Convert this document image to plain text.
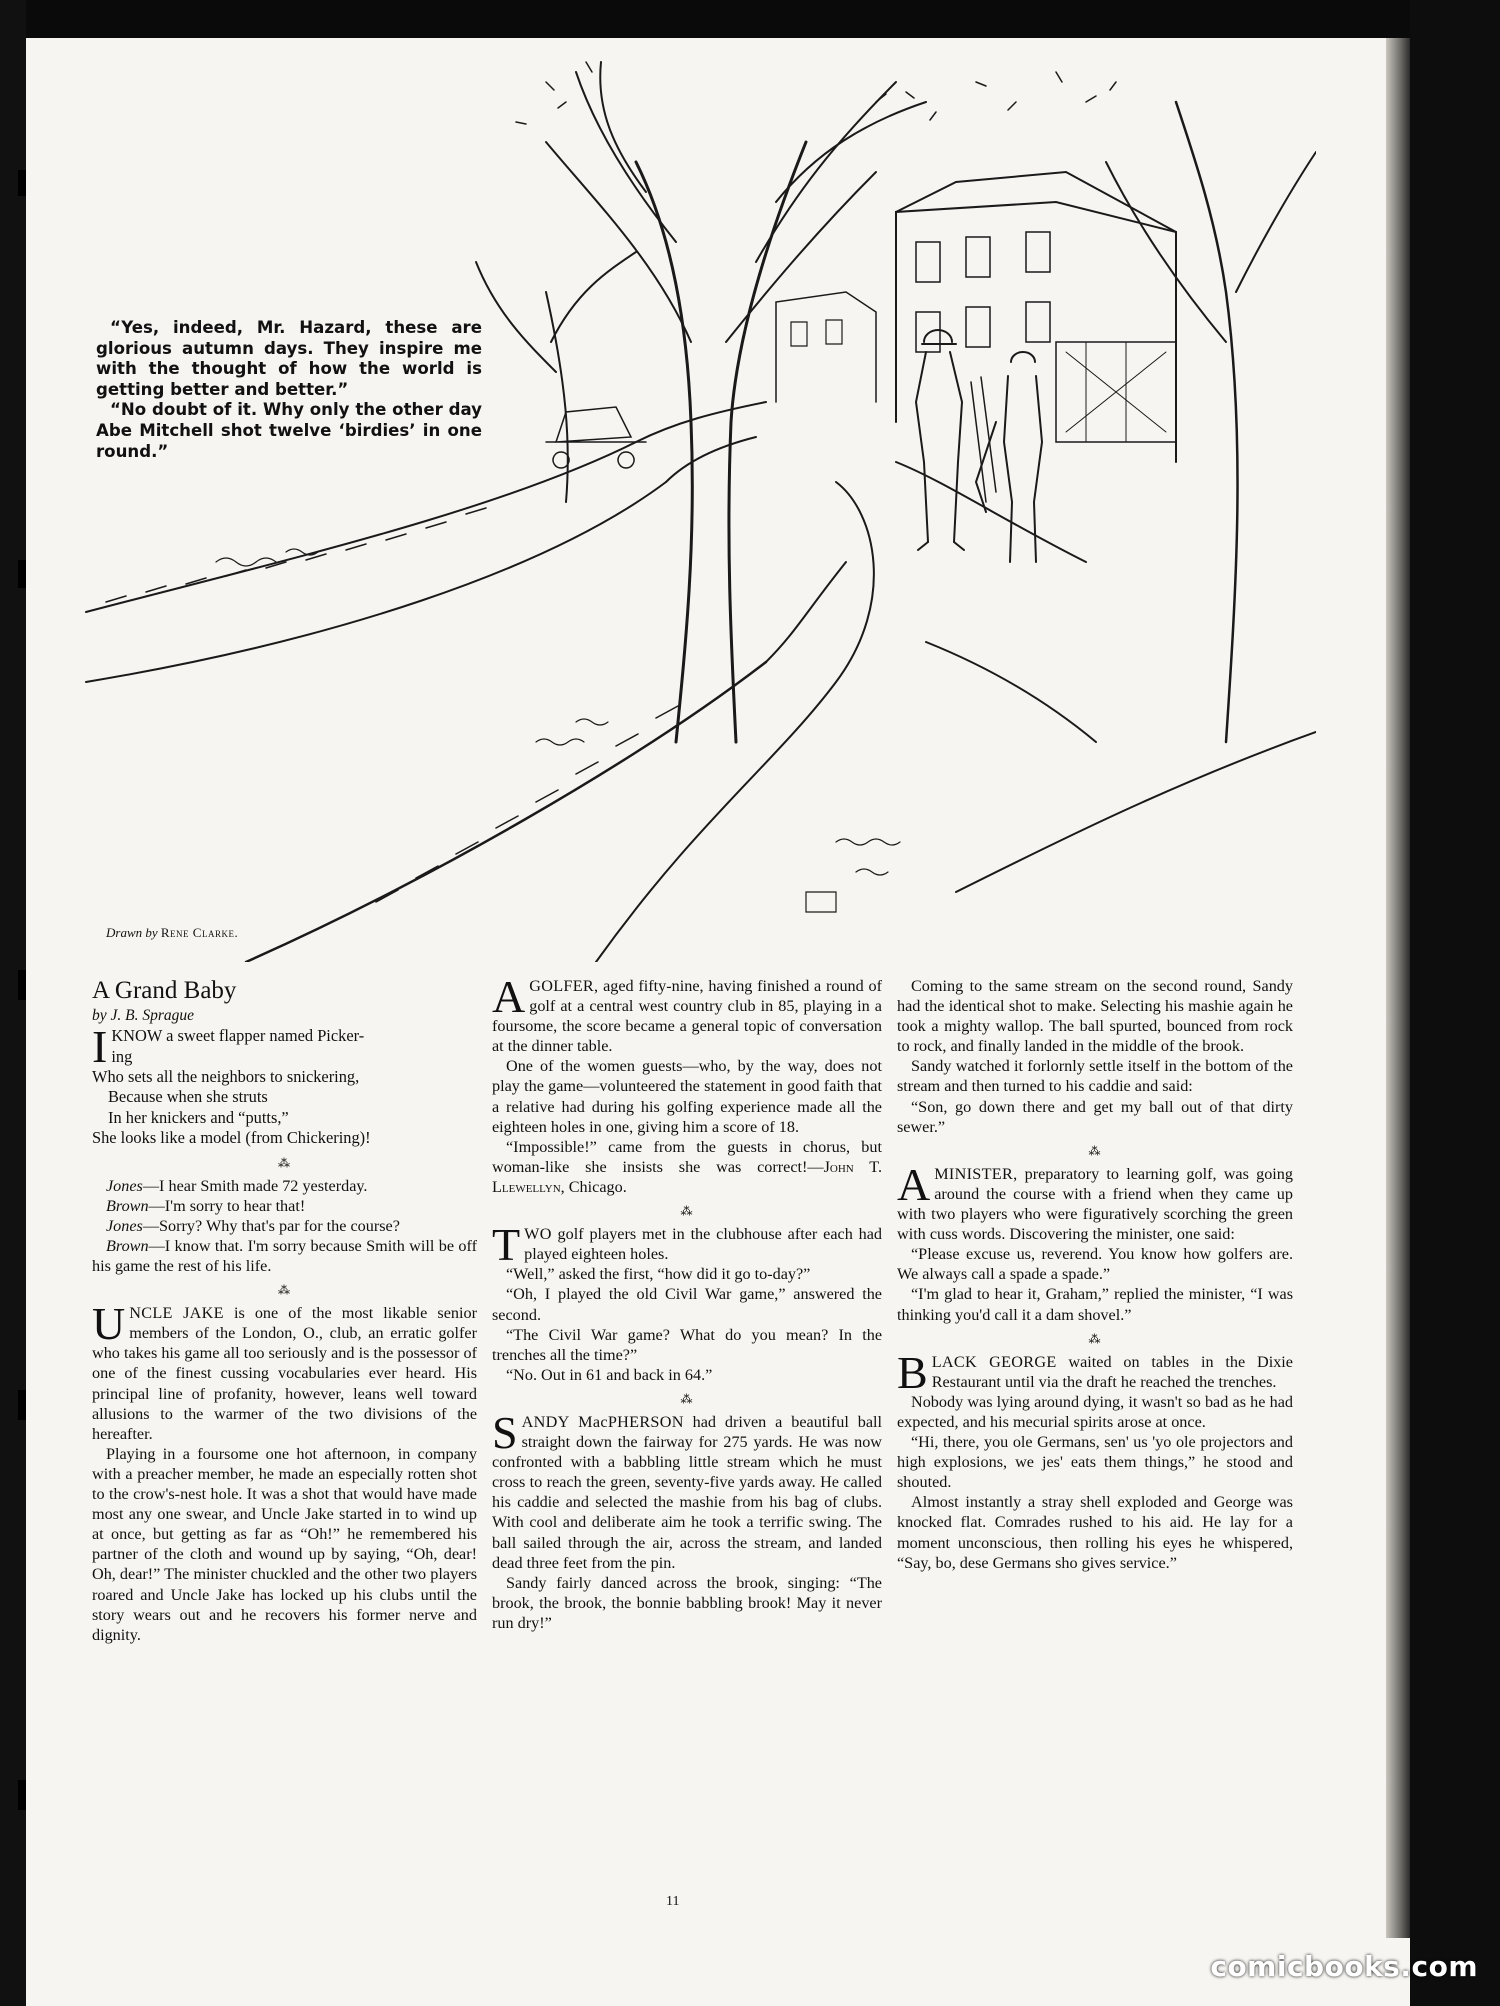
“Yes, indeed, Mr. Hazard, these are glorious autumn days. They inspire me with the thought of how the world is getting better and better.”

“No doubt of it. Why only the other day Abe Mitchell shot twelve ‘birdies’ in one round.”

Drawn by Rene Clarke.

A Grand Baby

by J. B. Sprague

IKNOW a sweet flapper named Picker-
ing
Who sets all the neighbors to snickering,
Because when she struts
In her knickers and “putts,”
She looks like a model (from Chickering)!
⁂

Jones—I hear Smith made 72 yesterday.

Brown—I'm sorry to hear that!

Jones—Sorry? Why that's par for the course?

Brown—I know that. I'm sorry because Smith will be off his game the rest of his life.

⁂

UNCLE JAKE is one of the most likable senior members of the London, O., club, an erratic golfer who takes his game all too seriously and is the possessor of one of the finest cussing vocabularies ever heard. His principal line of profanity, however, leans well toward allusions to the warmer of the two divisions of the hereafter.

Playing in a foursome one hot afternoon, in company with a preacher member, he made an especially rotten shot to the crow's-nest hole. It was a shot that would have made most any one swear, and Uncle Jake started in to wind up at once, but getting as far as “Oh!” he remembered his partner of the cloth and wound up by saying, “Oh, dear! Oh, dear!” The minister chuckled and the other two players roared and Uncle Jake has locked up his clubs until the story wears out and he recovers his former nerve and dignity.

AGOLFER, aged fifty-nine, having finished a round of golf at a central west country club in 85, playing in a foursome, the score became a general topic of conversation at the dinner table.

One of the women guests—who, by the way, does not play the game—volunteered the statement in good faith that a relative had during his golfing experience made all the eighteen holes in one, giving him a score of 18.

“Impossible!” came from the guests in chorus, but woman-like she insists she was correct!—John T. Llewellyn, Chicago.

⁂

TWO golf players met in the clubhouse after each had played eighteen holes.

“Well,” asked the first, “how did it go to-day?”

“Oh, I played the old Civil War game,” answered the second.

“The Civil War game? What do you mean? In the trenches all the time?”

“No. Out in 61 and back in 64.”

⁂

SANDY MacPHERSON had driven a beautiful ball straight down the fairway for 275 yards. He was now confronted with a babbling little stream which he must cross to reach the green, seventy-five yards away. He called his caddie and selected the mashie from his bag of clubs. With cool and deliberate aim he took a terrific swing. The ball sailed through the air, across the stream, and landed dead three feet from the pin.

Sandy fairly danced across the brook, singing: “The brook, the brook, the bonnie babbling brook! May it never run dry!”

Coming to the same stream on the second round, Sandy had the identical shot to make. Selecting his mashie again he took a mighty wallop. The ball spurted, bounced from rock to rock, and finally landed in the middle of the brook.

Sandy watched it forlornly settle itself in the bottom of the stream and then turned to his caddie and said:

“Son, go down there and get my ball out of that dirty sewer.”

⁂

AMINISTER, preparatory to learning golf, was going around the course with a friend when they came up with two players who were figuratively scorching the green with cuss words. Discovering the minister, one said:

“Please excuse us, reverend. You know how golfers are. We always call a spade a spade.”

“I'm glad to hear it, Graham,” replied the minister, “I was thinking you'd call it a dam shovel.”

⁂

BLACK GEORGE waited on tables in the Dixie Restaurant until via the draft he reached the trenches.

Nobody was lying around dying, it wasn't so bad as he had expected, and his mecurial spirits arose at once.

“Hi, there, you ole Germans, sen' us 'yo ole projectors and high explosions, we jes' eats them things,” he stood and shouted.

Almost instantly a stray shell exploded and George was knocked flat. Comrades rushed to his aid. He lay for a moment unconscious, then rolling his eyes he whispered, “Say, bo, dese Germans sho gives service.”

11
comicbooks.com
